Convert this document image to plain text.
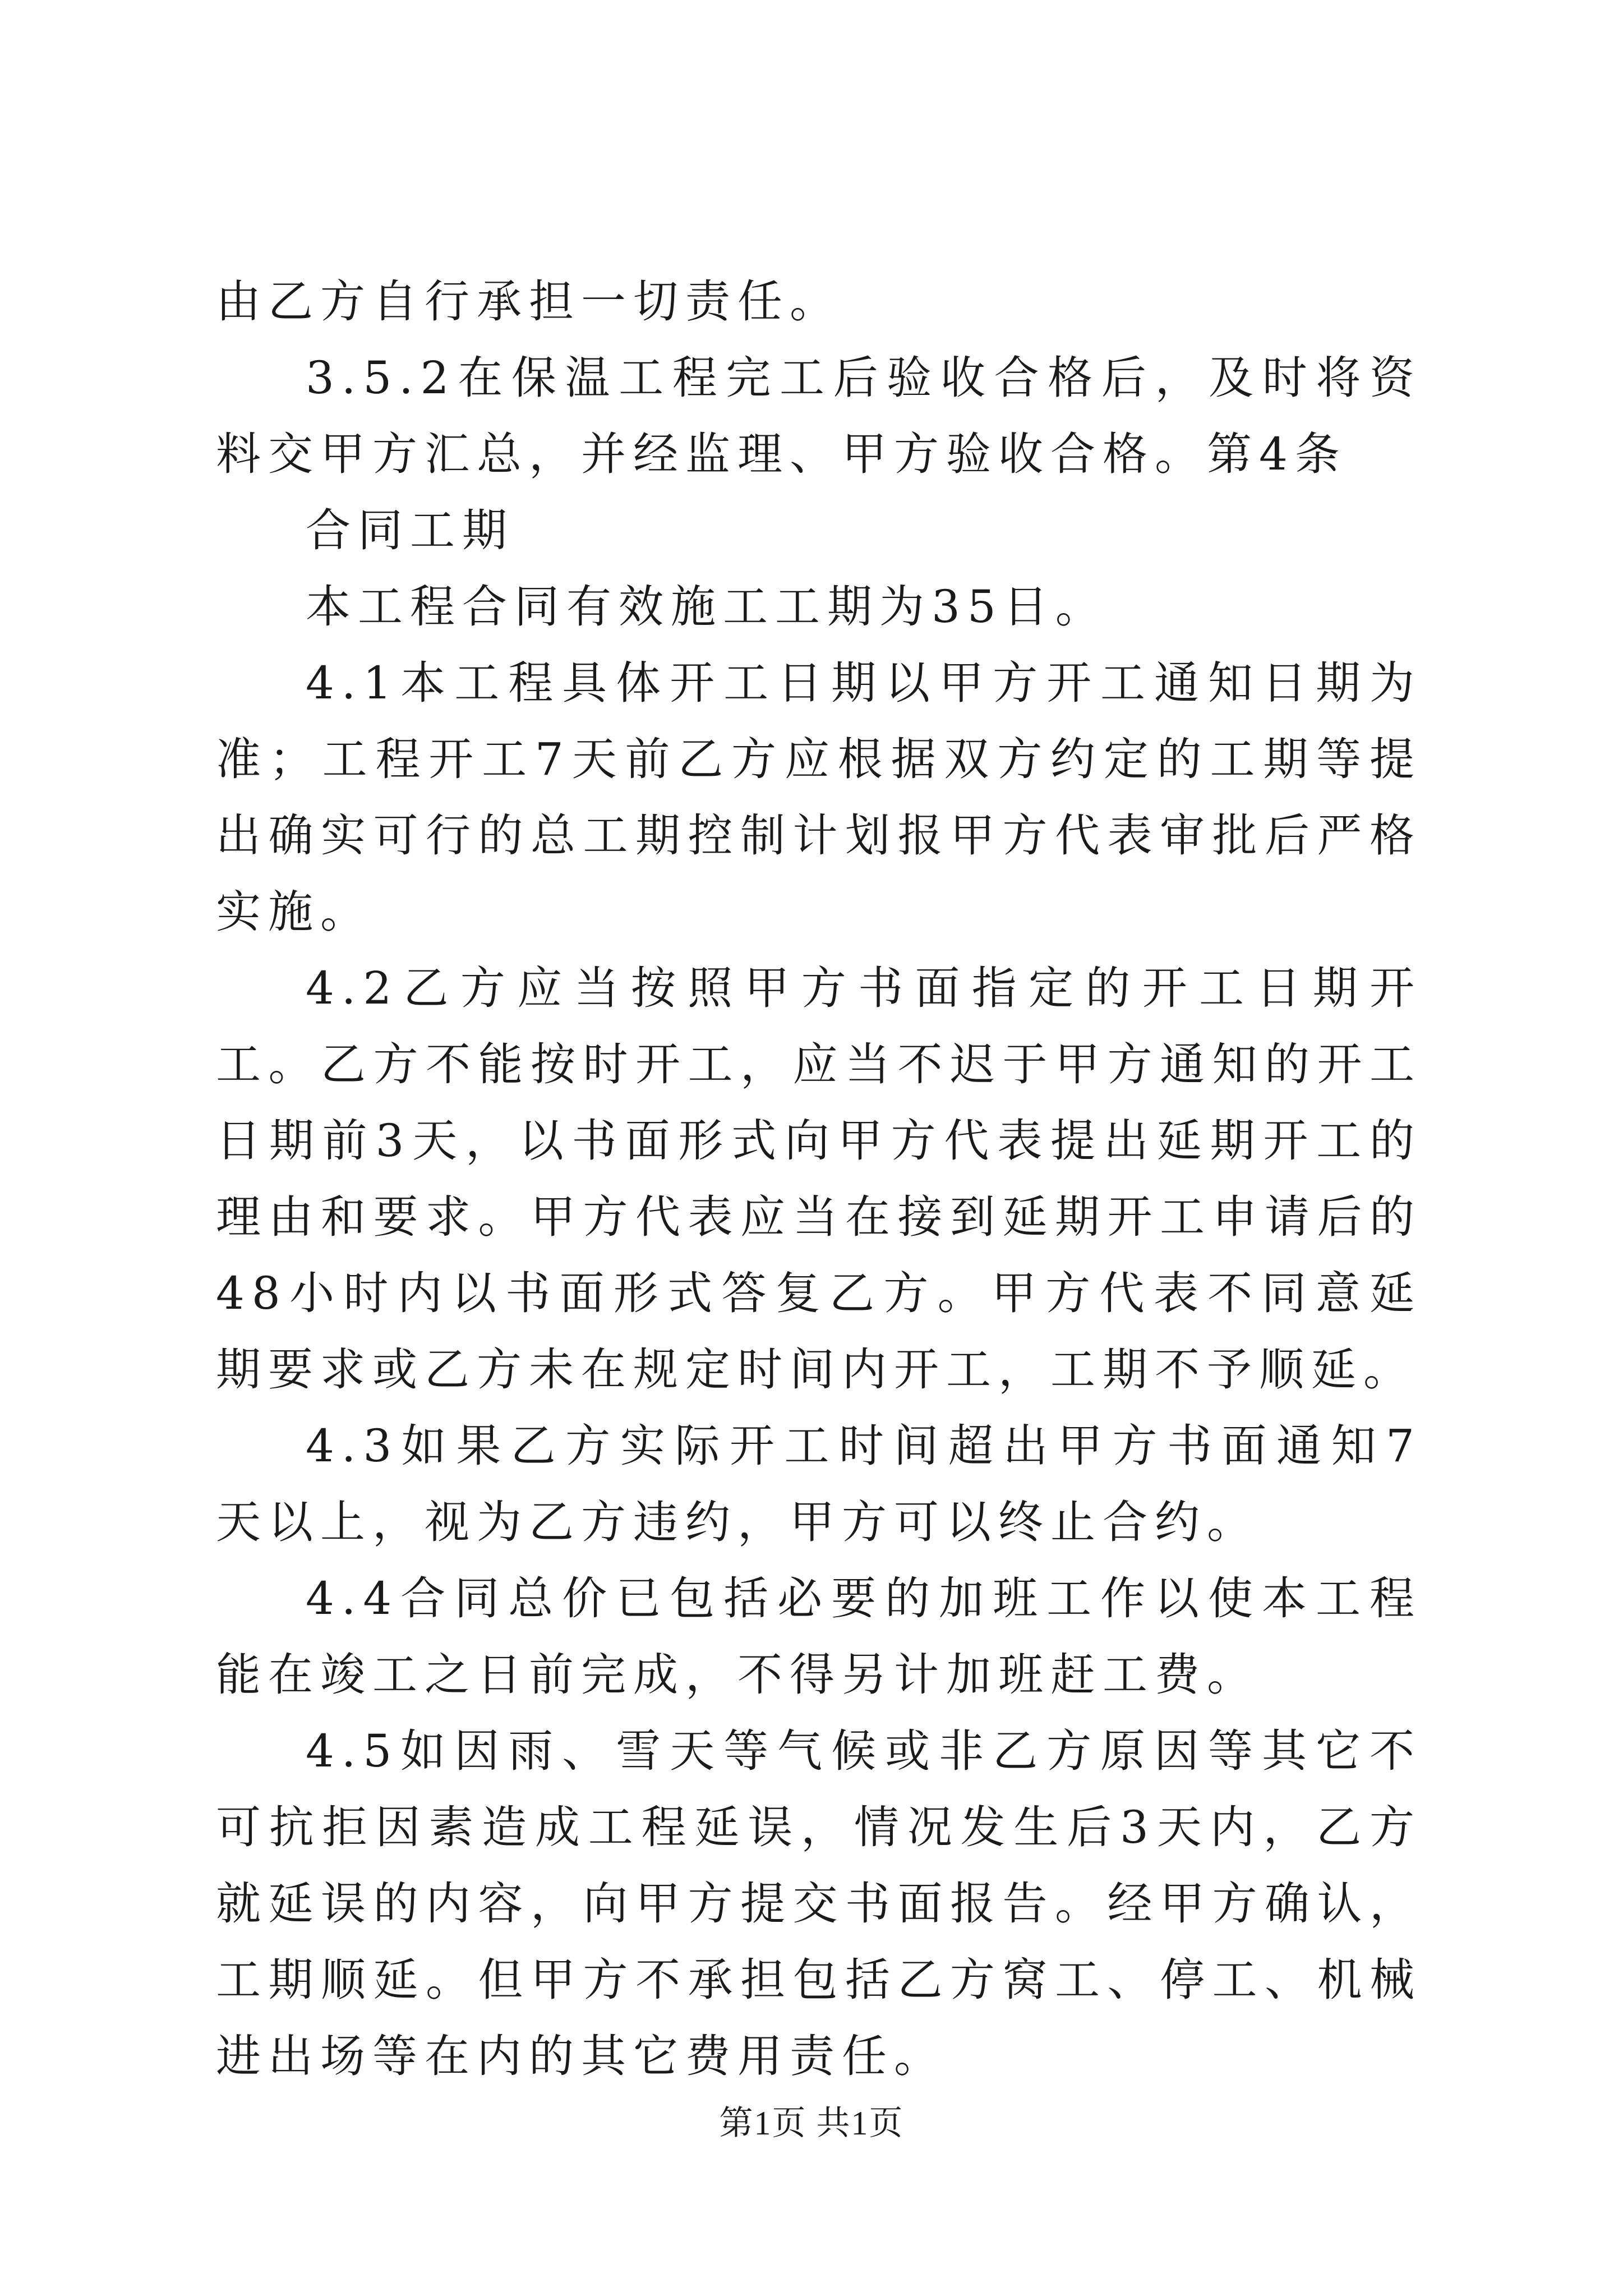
由乙方自行承担一切责任。

3.5.2在保温工程完工后验收合格后，及时将资料交甲方汇总，并经监理、甲方验收合格。第4条

合同工期

本工程合同有效施工工期为35日。

4.1本工程具体开工日期以甲方开工通知日期为准；工程开工7天前乙方应根据双方约定的工期等提出确实可行的总工期控制计划报甲方代表审批后严格实施。

4.2乙方应当按照甲方书面指定的开工日期开工。乙方不能按时开工，应当不迟于甲方通知的开工日期前3天，以书面形式向甲方代表提出延期开工的理由和要求。甲方代表应当在接到延期开工申请后的48小时内以书面形式答复乙方。甲方代表不同意延期要求或乙方未在规定时间内开工，工期不予顺延。

4.3如果乙方实际开工时间超出甲方书面通知7天以上，视为乙方违约，甲方可以终止合约。

4.4合同总价已包括必要的加班工作以使本工程能在竣工之日前完成，不得另计加班赶工费。

4.5如因雨、雪天等气候或非乙方原因等其它不可抗拒因素造成工程延误，情况发生后3天内，乙方就延误的内容，向甲方提交书面报告。经甲方确认，工期顺延。但甲方不承担包括乙方窝工、停工、机械进出场等在内的其它费用责任。

第1页 共1页
